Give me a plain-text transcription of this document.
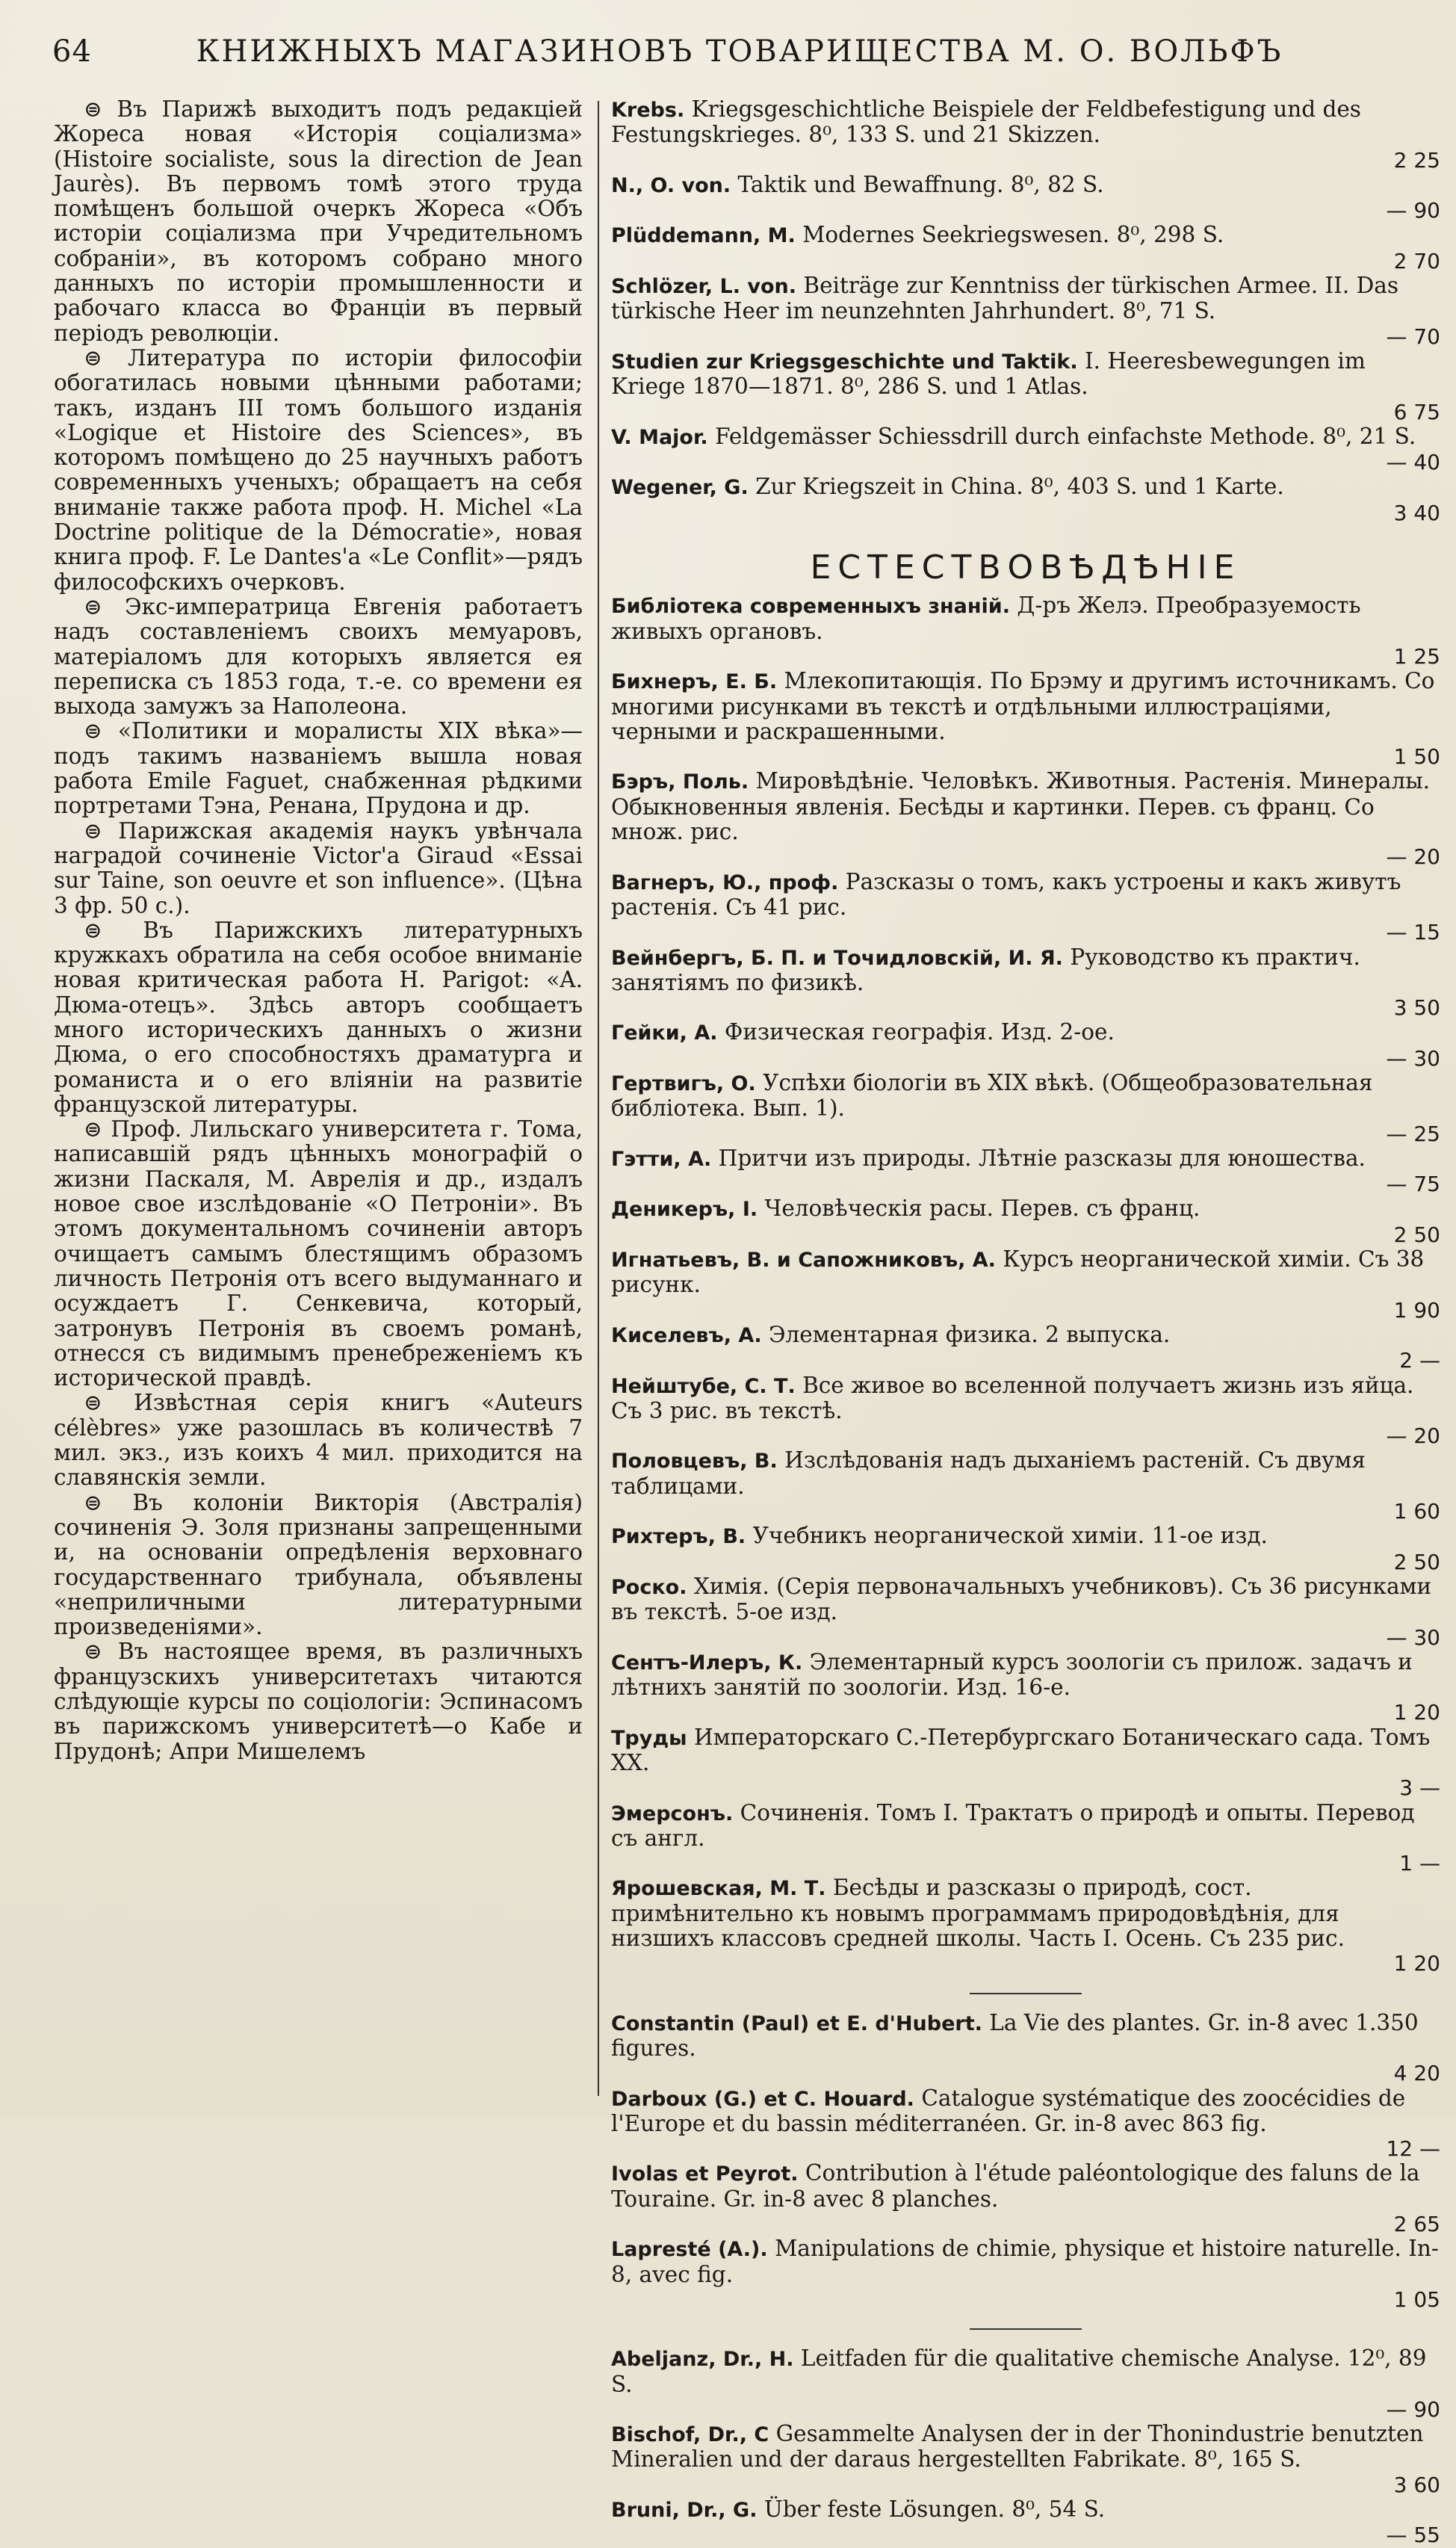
64	КНИЖНЫХЪ МАГАЗИНОВЪ ТОВАРИЩЕСТВА М. О. ВОЛЬФЪ

⊜ Въ Парижѣ выходитъ подъ редакціей Жореса новая «Исторія соціализма» (Histoire socialiste, sous la direction de Jean Jaurès). Въ первомъ томѣ этого труда помѣщенъ большой очеркъ Жореса «Объ исторіи соціализма при Учредительномъ собраніи», въ которомъ собрано много данныхъ по исторіи промышленности и рабочаго класса во Франціи въ первый періодъ революціи.

⊜ Литература по исторіи философіи обогатилась новыми цѣнными работами; такъ, изданъ III томъ большого изданія «Logique et Histoire des Sciences», въ которомъ помѣщено до 25 научныхъ работъ современныхъ ученыхъ; обращаетъ на себя вниманіе также работа проф. H. Michel «La Doctrine politique de la Démocratie», новая книга проф. F. Le Dantes'а «Le Conflit»—рядъ философскихъ очерковъ.

⊜ Экс-императрица Евгенія работаетъ надъ составленіемъ своихъ мемуаровъ, матеріаломъ для которыхъ является ея переписка съ 1853 года, т.-е. со времени ея выхода замужъ за Наполеона.

⊜ «Политики и моралисты XIX вѣка»—подъ такимъ названіемъ вышла новая работа Emile Faguet, снабженная рѣдкими портретами Тэна, Ренана, Прудона и др.

⊜ Парижская академія наукъ увѣнчала наградой сочиненіе Victor'а Giraud «Essai sur Taine, son oeuvre et son influence». (Цѣна 3 фр. 50 с.).

⊜ Въ Парижскихъ литературныхъ кружкахъ обратила на себя особое вниманіе новая критическая работа H. Parigot: «A. Дюма-отецъ». Здѣсь авторъ сообщаетъ много историческихъ данныхъ о жизни Дюма, о его способностяхъ драматурга и романиста и о его вліяніи на развитіе французской литературы.

⊜ Проф. Лильскаго университета г. Тома, написавшій рядъ цѣнныхъ монографій о жизни Паскаля, М. Аврелія и др., издалъ новое свое изслѣдованіе «О Петроніи». Въ этомъ документальномъ сочиненіи авторъ очищаетъ самымъ блестящимъ образомъ личность Петронія отъ всего выдуманнаго и осуждаетъ Г. Сенкевича, который, затронувъ Петронія въ своемъ романѣ, отнесся съ видимымъ пренебреженіемъ къ исторической правдѣ.

⊜ Извѣстная серія книгъ «Auteurs célèbres» уже разошлась въ количествѣ 7 мил. экз., изъ коихъ 4 мил. приходится на славянскія земли.

⊜ Въ колоніи Викторія (Австралія) сочиненія Э. Золя признаны запрещенными и, на основаніи опредѣленія верховнаго государственнаго трибунала, объявлены «неприличными литературными произведеніями».

⊜ Въ настоящее время, въ различныхъ французскихъ университетахъ читаются слѣдующіе курсы по соціологіи: Эспинасомъ въ парижскомъ университетѣ—о Кабе и Прудонѣ; Апри Мишелемъ

Krebs. Kriegsgeschichtliche Beispiele der Feldbefestigung und des Festungskrieges. 8⁰, 133 S. und 21 Skizzen.
2 25
N., O. von. Taktik und Bewaffnung. 8⁰, 82 S.
— 90
Plüddemann, M. Modernes Seekriegswesen. 8⁰, 298 S.
2 70
Schlözer, L. von. Beiträge zur Kenntniss der türkischen Armee. II. Das türkische Heer im neunzehnten Jahrhundert. 8⁰, 71 S.
— 70
Studien zur Kriegsgeschichte und Taktik. I. Heeresbewegungen im Kriege 1870—1871. 8⁰, 286 S. und 1 Atlas.
6 75
V. Major. Feldgemässer Schiessdrill durch einfachste Methode. 8⁰, 21 S.
— 40
Wegener, G. Zur Kriegszeit in China. 8⁰, 403 S. und 1 Karte.
3 40
ЕСТЕСТВОВѢДѢНІЕ
Библіотека современныхъ знаній. Д-ръ Желэ. Преобразуемость живыхъ органовъ.
1 25
Бихнеръ, Е. Б. Млекопитающія. По Брэму и другимъ источникамъ. Со многими рисунками въ текстѣ и отдѣльными иллюстраціями, черными и раскрашенными.
1 50
Бэръ, Поль. Мировѣдѣніе. Человѣкъ. Животныя. Растенія. Минералы. Обыкновенныя явленія. Бесѣды и картинки. Перев. съ франц. Со множ. рис.
— 20
Вагнеръ, Ю., проф. Разсказы о томъ, какъ устроены и какъ живутъ растенія. Съ 41 рис.
— 15
Вейнбергъ, Б. П. и Точидловскій, И. Я. Руководство къ практич. занятіямъ по физикѣ.
3 50
Гейки, А. Физическая географія. Изд. 2-ое.
— 30
Гертвигъ, О. Успѣхи біологіи въ XIX вѣкѣ. (Общеобразовательная библіотека. Вып. 1).
— 25
Гэтти, А. Притчи изъ природы. Лѣтніе разсказы для юношества.
— 75
Деникеръ, І. Человѣческія расы. Перев. съ франц.
2 50
Игнатьевъ, В. и Сапожниковъ, А. Курсъ неорганической химіи. Съ 38 рисунк.
1 90
Киселевъ, А. Элементарная физика. 2 выпуска.
2 —
Нейштубе, С. Т. Все живое во вселенной получаетъ жизнь изъ яйца. Съ 3 рис. въ текстѣ.
— 20
Половцевъ, В. Изслѣдованія надъ дыханіемъ растеній. Съ двумя таблицами.
1 60
Рихтеръ, В. Учебникъ неорганической химіи. 11-ое изд.
2 50
Роско. Химія. (Серія первоначальныхъ учебниковъ). Съ 36 рисунками въ текстѣ. 5-ое изд.
— 30
Сентъ-Илеръ, К. Элементарный курсъ зоологіи съ прилож. задачъ и лѣтнихъ занятій по зоологіи. Изд. 16-е.
1 20
Труды Императорскаго С.-Петербургскаго Ботаническаго сада. Томъ XX.
3 —
Эмерсонъ. Сочиненія. Томъ I. Трактатъ о природѣ и опыты. Перевод съ англ.
1 —
Ярошевская, М. Т. Бесѣды и разсказы о природѣ, сост. примѣнительно къ новымъ программамъ природовѣдѣнія, для низшихъ классовъ средней школы. Часть I. Осень. Съ 235 рис.
1 20
Constantin (Paul) et E. d'Hubert. La Vie des plantes. Gr. in-8 avec 1.350 figures.
4 20
Darboux (G.) et C. Houard. Catalogue systématique des zoocécidies de l'Europe et du bassin méditerranéen. Gr. in-8 avec 863 fig.
12 —
Ivolas et Peyrot. Contribution à l'étude paléontologique des faluns de la Touraine. Gr. in-8 avec 8 planches.
2 65
Lapresté (A.). Manipulations de chimie, physique et histoire naturelle. In-8, avec fig.
1 05
Abeljanz, Dr., H. Leitfaden für die qualitative chemische Analyse. 12⁰, 89 S.
— 90
Bischof, Dr., C Gesammelte Analysen der in der Thonindustrie benutzten Mineralien und der daraus hergestellten Fabrikate. 8⁰, 165 S.
3 60
Bruni, Dr., G. Über feste Lösungen. 8⁰, 54 S.
— 55
